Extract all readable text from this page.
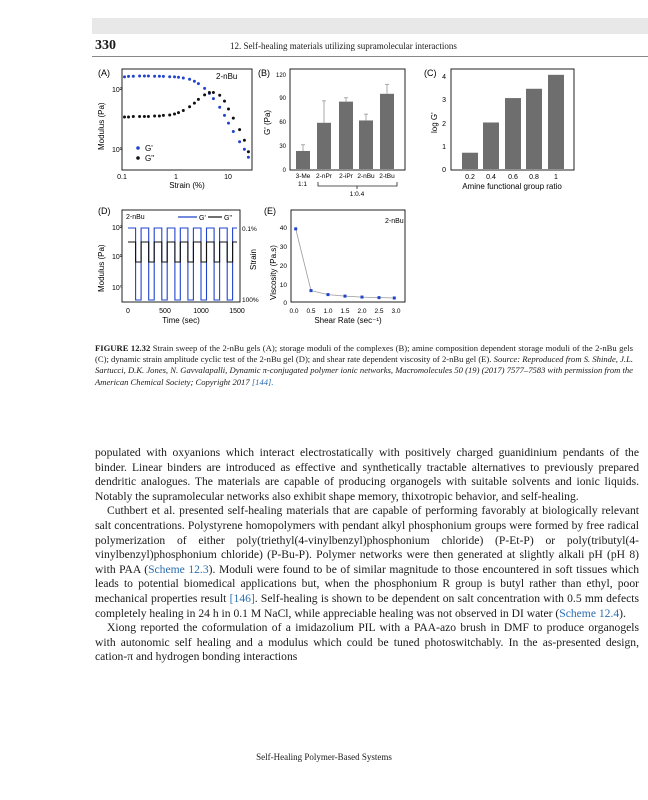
330	12. Self-healing materials utilizing supramolecular interactions
(A)	2-nBu
Modulus (Pa)
10²
10¹
0.1	1	10
Strain (%)
G'
G"
(B)
G' (Pa)
0
30
60
90
120
3-Me 2-nPr 2-iPr 2-nBu 2-tBu
1:1
1:0.4
(C)
log G'
0
1
2
3
4
0.2 0.4 0.6 0.8 1
Amine functional group ratio
(D)
2-nBu	G'	G"
Modulus (Pa)	Strain
10²
10¹
10⁰
0.1%
100%
0	500	1000	1500
Time (sec)
(E)
2-nBu
Viscosity (Pa.s)
0
10
20
30
40
0.0 0.5 1.0 1.5 2.0 2.5 3.0
Shear Rate (sec⁻¹)
FIGURE 12.32 Strain sweep of the 2-nBu gels (A); storage moduli of the complexes (B); amine composition dependent storage moduli of the 2-nBu gels (C); dynamic strain amplitude cyclic test of the 2-nBu gel (D); and shear rate dependent viscosity of 2-nBu gel (E). Source: Reproduced from S. Shinde, J.L. Sartucci, D.K. Jones, N. Gavvalapalli, Dynamic π-conjugated polymer ionic networks, Macromolecules 50 (19) (2017) 7577–7583 with permission from the American Chemical Society; Copyright 2017 [144].

populated with oxyanions which interact electrostatically with positively charged guanidinium pendants of the binder. Linear binders are introduced as effective and synthetically tractable alternatives to previously prepared dendritic analogues. The materials are capable of producing organogels with suitable solvents and ionic liquids. Notably the supramolecular networks also exhibit shape memory, thixotropic behavior, and self-healing.

Cuthbert et al. presented self-healing materials that are capable of performing favorably at biologically relevant salt concentrations. Polystyrene homopolymers with pendant alkyl phosphonium groups were formed by free radical polymerization of either poly(triethyl(4-vinylbenzyl)phosphonium chloride) (P-Et-P) or poly(tributyl(4-vinylbenzyl)phosphonium chloride) (P-Bu-P). Polymer networks were then generated at slightly alkali pH (pH 8) with PAA (Scheme 12.3). Moduli were found to be of similar magnitude to those encountered in soft tissues which leads to potential biomedical applications but, when the phosphonium R group is butyl rather than ethyl, poor mechanical properties result [146]. Self-healing is shown to be dependent on salt concentration with 0.5 mm defects completely healing in 24 h in 0.1 M NaCl, while appreciable healing was not observed in DI water (Scheme 12.4).

Xiong reported the coformulation of a imidazolium PIL with a PAA-azo brush in DMF to produce organogels with autonomic self healing and a modulus which could be tuned photoswitchably. In the as-presented design, cation-π and hydrogen bonding interactions

Self-Healing Polymer-Based Systems
